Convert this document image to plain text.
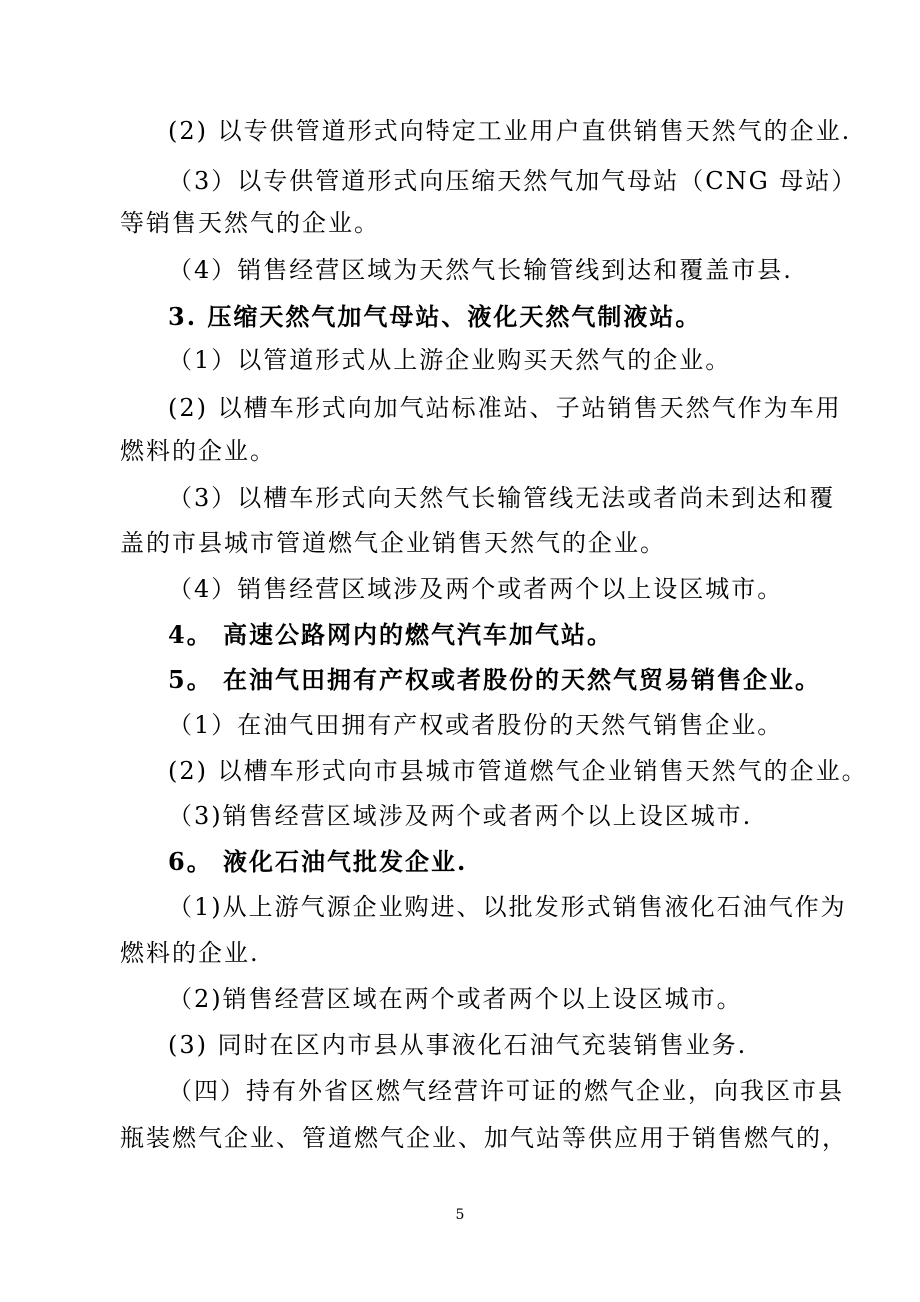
(2) 以专供管道形式向特定工业用户直供销售天然气的企业.
（3）以专供管道形式向压缩天然气加气母站（CNG 母站）
等销售天然气的企业。
（4）销售经营区域为天然气长输管线到达和覆盖市县.
3. 压缩天然气加气母站、液化天然气制液站。
（1）以管道形式从上游企业购买天然气的企业。
(2) 以槽车形式向加气站标准站、子站销售天然气作为车用
燃料的企业。
（3）以槽车形式向天然气长输管线无法或者尚未到达和覆
盖的市县城市管道燃气企业销售天然气的企业。
（4）销售经营区域涉及两个或者两个以上设区城市。
4。 高速公路网内的燃气汽车加气站。
5。 在油气田拥有产权或者股份的天然气贸易销售企业。
（1）在油气田拥有产权或者股份的天然气销售企业。
(2) 以槽车形式向市县城市管道燃气企业销售天然气的企业。
（3)销售经营区域涉及两个或者两个以上设区城市.
6。 液化石油气批发企业.
（1)从上游气源企业购进、以批发形式销售液化石油气作为
燃料的企业.
（2)销售经营区域在两个或者两个以上设区城市。
(3) 同时在区内市县从事液化石油气充装销售业务.
（四）持有外省区燃气经营许可证的燃气企业，向我区市县
瓶装燃气企业、管道燃气企业、加气站等供应用于销售燃气的，
5
